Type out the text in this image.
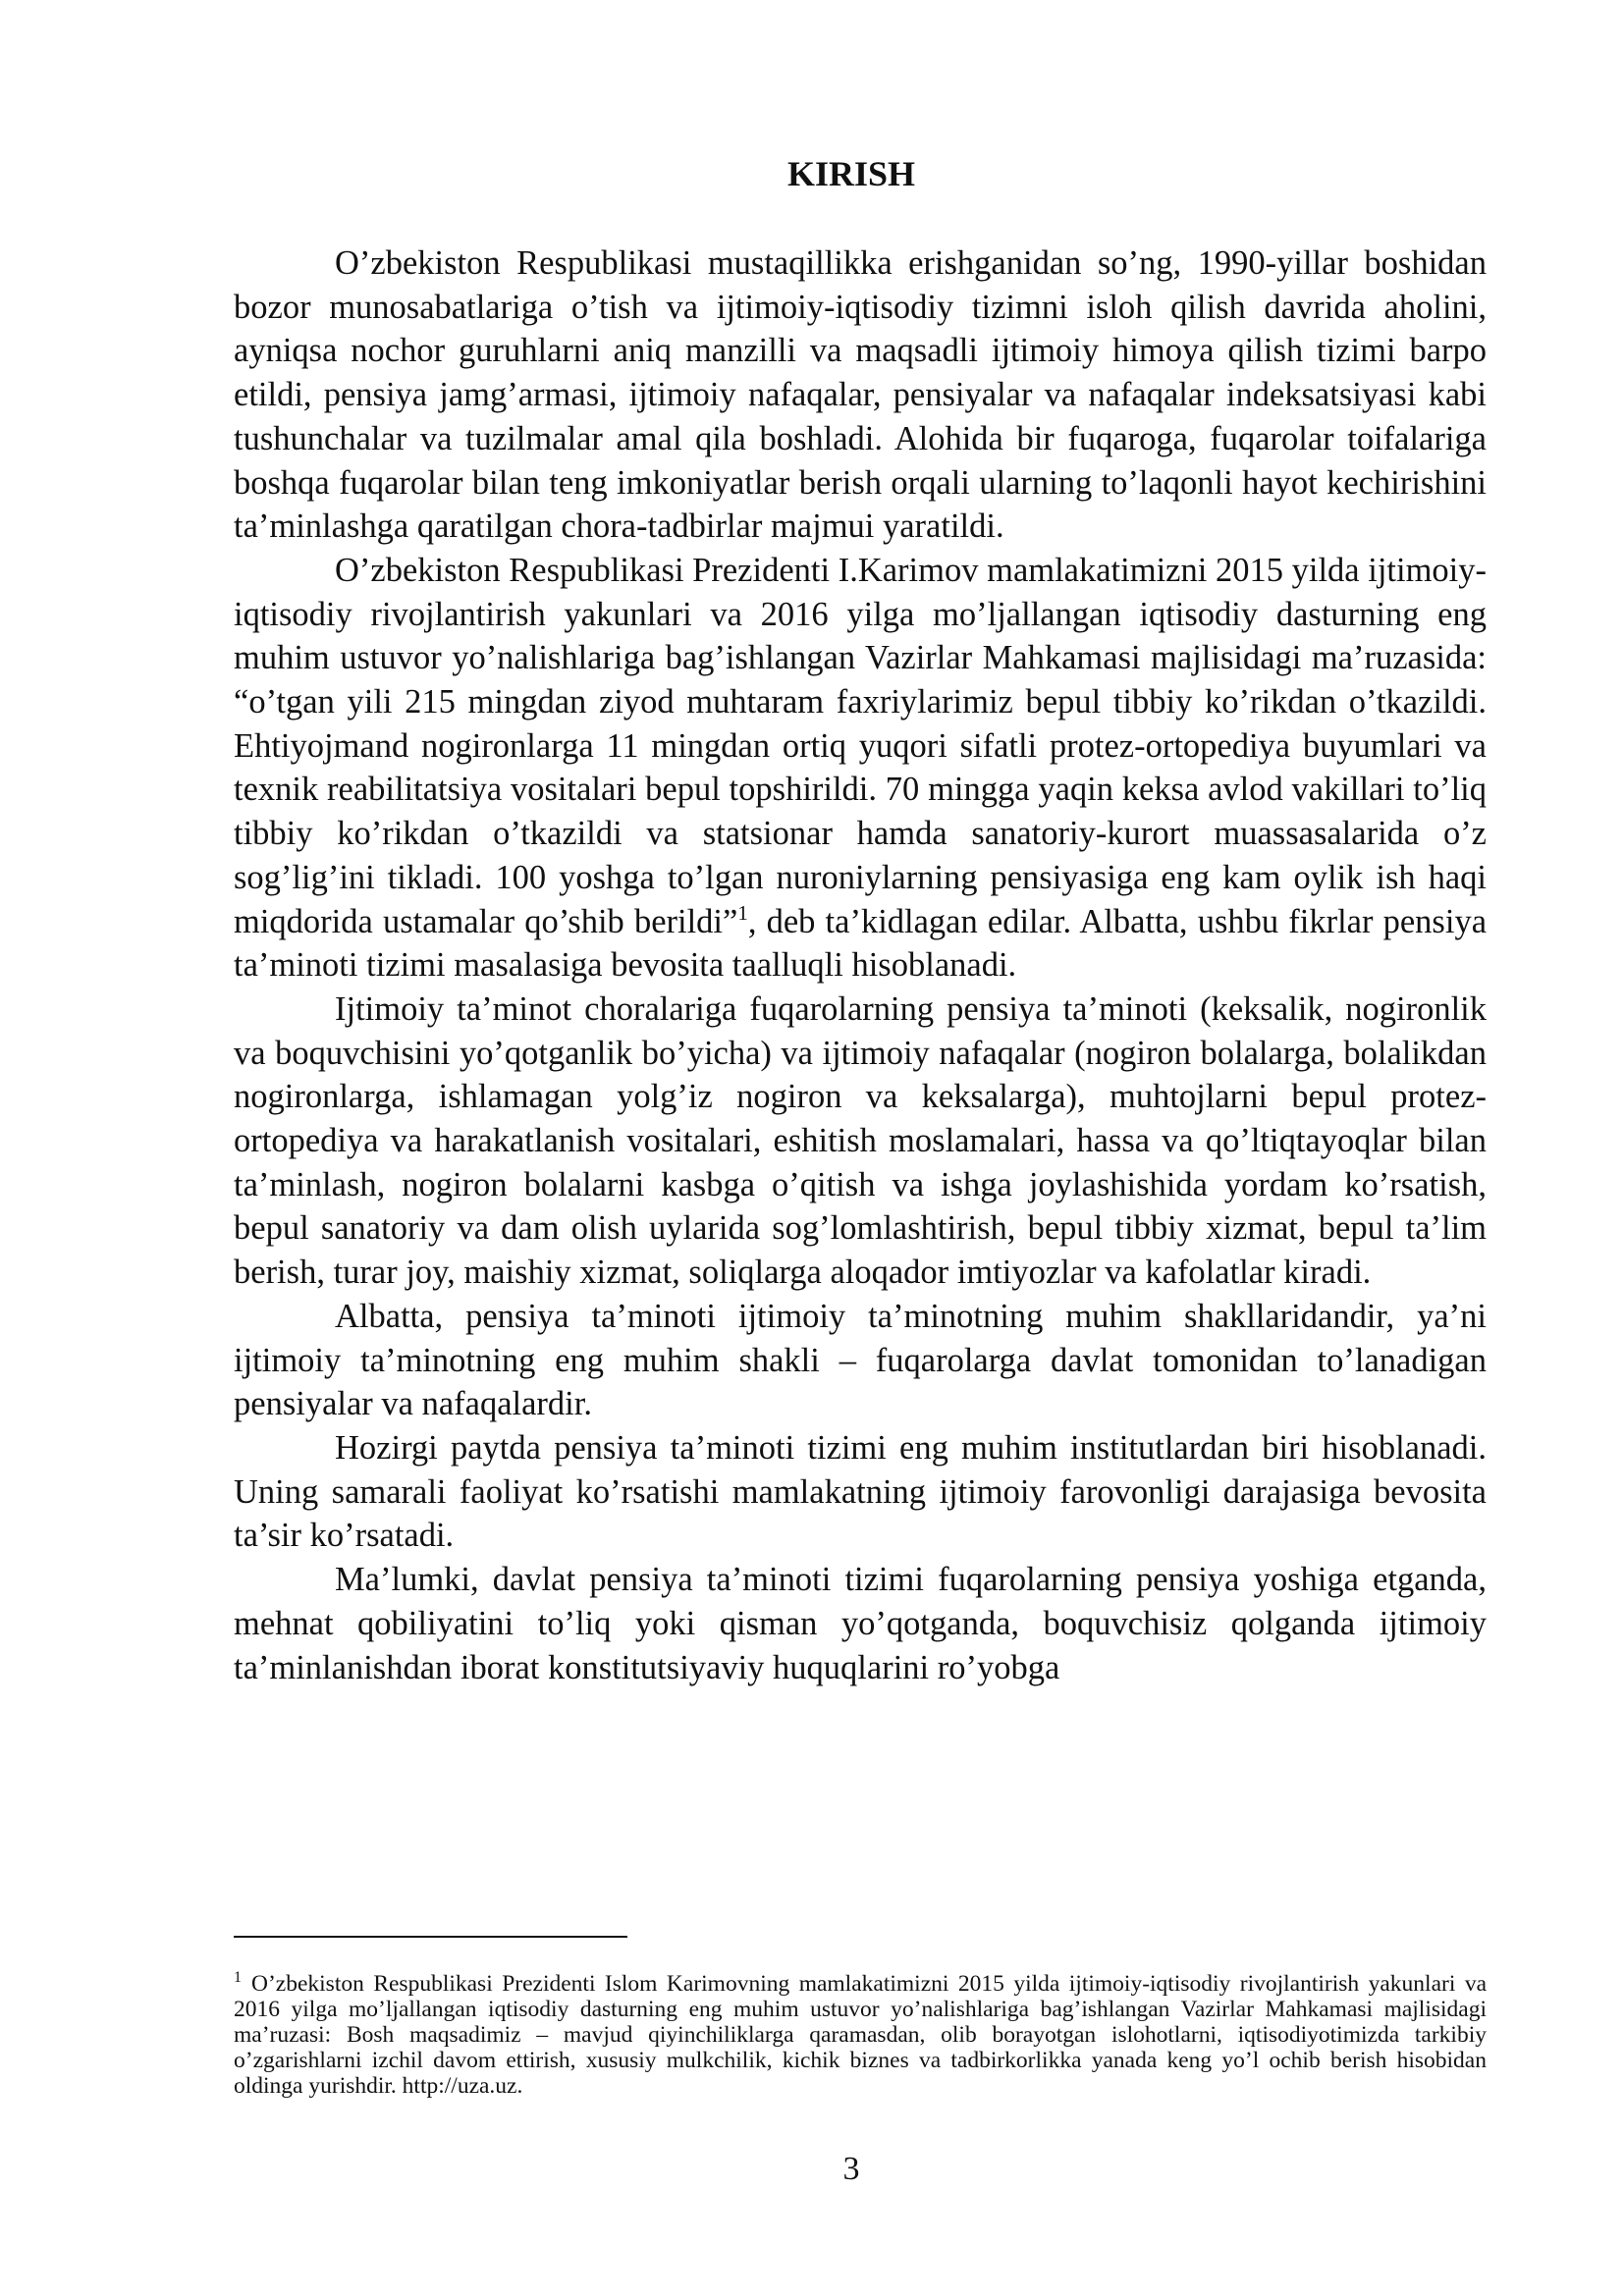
KIRISH

O’zbekiston Respublikasi mustaqillikka erishganidan so’ng, 1990-yillar boshidan bozor munosabatlariga o’tish va ijtimoiy-iqtisodiy tizimni isloh qilish davrida aholini, ayniqsa nochor guruhlarni aniq manzilli va maqsadli ijtimoiy himoya qilish tizimi barpo etildi, pensiya jamg’armasi, ijtimoiy nafaqalar, pensiyalar va nafaqalar indeksatsiyasi kabi tushunchalar va tuzilmalar amal qila boshladi. Alohida bir fuqaroga, fuqarolar toifalariga boshqa fuqarolar bilan teng imkoniyatlar berish orqali ularning to’laqonli hayot kechirishini ta’minlashga qaratilgan chora-tadbirlar majmui yaratildi.

O’zbekiston Respublikasi Prezidenti I.Karimov mamlakatimizni 2015 yilda ijtimoiy-iqtisodiy rivojlantirish yakunlari va 2016 yilga mo’ljallangan iqtisodiy dasturning eng muhim ustuvor yo’nalishlariga bag’ishlangan Vazirlar Mahkamasi majlisidagi ma’ruzasida: “o’tgan yili 215 mingdan ziyod muhtaram faxriylarimiz bepul tibbiy ko’rikdan o’tkazildi. Ehtiyojmand nogironlarga 11 mingdan ortiq yuqori sifatli protez-ortopediya buyumlari va texnik reabilitatsiya vositalari bepul topshirildi. 70 mingga yaqin keksa avlod vakillari to’liq tibbiy ko’rikdan o’tkazildi va statsionar hamda sanatoriy-kurort muassasalarida o’z sog’lig’ini tikladi. 100 yoshga to’lgan nuroniylarning pensiyasiga eng kam oylik ish haqi miqdorida ustamalar qo’shib berildi”$^1$, deb ta’kidlagan edilar. Albatta, ushbu fikrlar pensiya ta’minoti tizimi masalasiga bevosita taalluqli hisoblanadi.

Ijtimoiy ta’minot choralariga fuqarolarning pensiya ta’minoti (keksalik, nogironlik va boquvchisini yo’qotganlik bo’yicha) va ijtimoiy nafaqalar (nogiron bolalarga, bolalikdan nogironlarga, ishlamagan yolg’iz nogiron va keksalarga), muhtojlarni bepul protez-ortopediya va harakatlanish vositalari, eshitish moslamalari, hassa va qo’ltiqtayoqlar bilan ta’minlash, nogiron bolalarni kasbga o’qitish va ishga joylashishida yordam ko’rsatish, bepul sanatoriy va dam olish uylarida sog’lomlashtirish, bepul tibbiy xizmat, bepul ta’lim berish, turar joy, maishiy xizmat, soliqlarga aloqador imtiyozlar va kafolatlar kiradi.

Albatta, pensiya ta’minoti ijtimoiy ta’minotning muhim shakllaridandir, ya’ni ijtimoiy ta’minotning eng muhim shakli – fuqarolarga davlat tomonidan to’lanadigan pensiyalar va nafaqalardir.

Hozirgi paytda pensiya ta’minoti tizimi eng muhim institutlardan biri hisoblanadi. Uning samarali faoliyat ko’rsatishi mamlakatning ijtimoiy farovonligi darajasiga bevosita ta’sir ko’rsatadi.

Ma’lumki, davlat pensiya ta’minoti tizimi fuqarolarning pensiya yoshiga etganda, mehnat qobiliyatini to’liq yoki qisman yo’qotganda, boquvchisiz qolganda ijtimoiy ta’minlanishdan iborat konstitutsiyaviy huquqlarini ro’yobga

$^1$ O’zbekiston Respublikasi Prezidenti Islom Karimovning mamlakatimizni 2015 yilda ijtimoiy-iqtisodiy rivojlantirish yakunlari va 2016 yilga mo’ljallangan iqtisodiy dasturning eng muhim ustuvor yo’nalishlariga bag’ishlangan Vazirlar Mahkamasi majlisidagi ma’ruzasi: Bosh maqsadimiz – mavjud qiyinchiliklarga qaramasdan, olib borayotgan islohotlarni, iqtisodiyotimizda tarkibiy o’zgarishlarni izchil davom ettirish, xususiy mulkchilik, kichik biznes va tadbirkorlikka yanada keng yo’l ochib berish hisobidan oldinga yurishdir. http://uza.uz.
3
